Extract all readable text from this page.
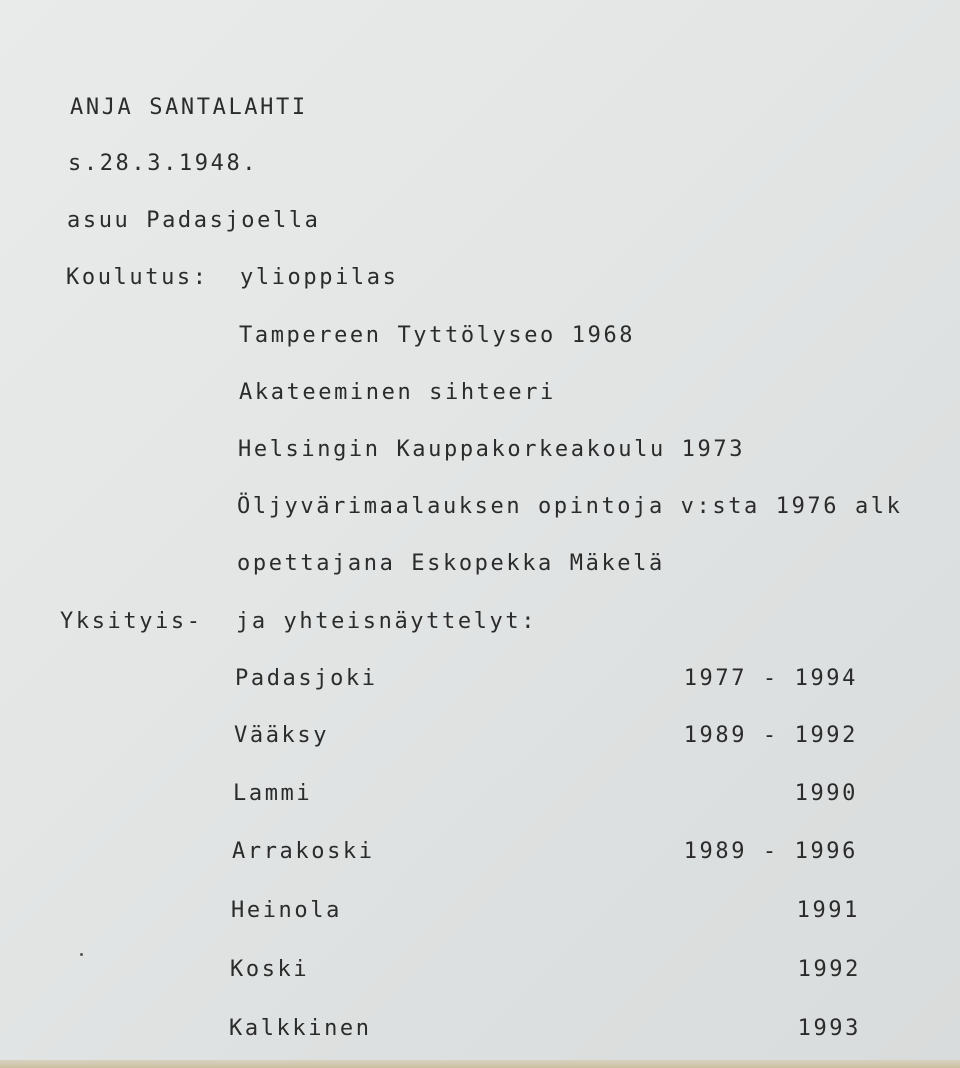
ANJA SANTALAHTI
s.28.3.1948.
asuu Padasjoella
Koulutus: ylioppilas
Tampereen Tyttölyseo 1968
Akateeminen sihteeri
Helsingin Kauppakorkeakoulu 1973
Öljyvärimaalauksen opintoja v:sta 1976 alk
opettajana Eskopekka Mäkelä
Yksityis- ja yhteisnäyttelyt:
Padasjoki	1977 - 1994
Vääksy	1989 - 1992
Lammi	1990
Arrakoski	1989 - 1996
Heinola	1991
Koski	1992
Kalkkinen	1993
